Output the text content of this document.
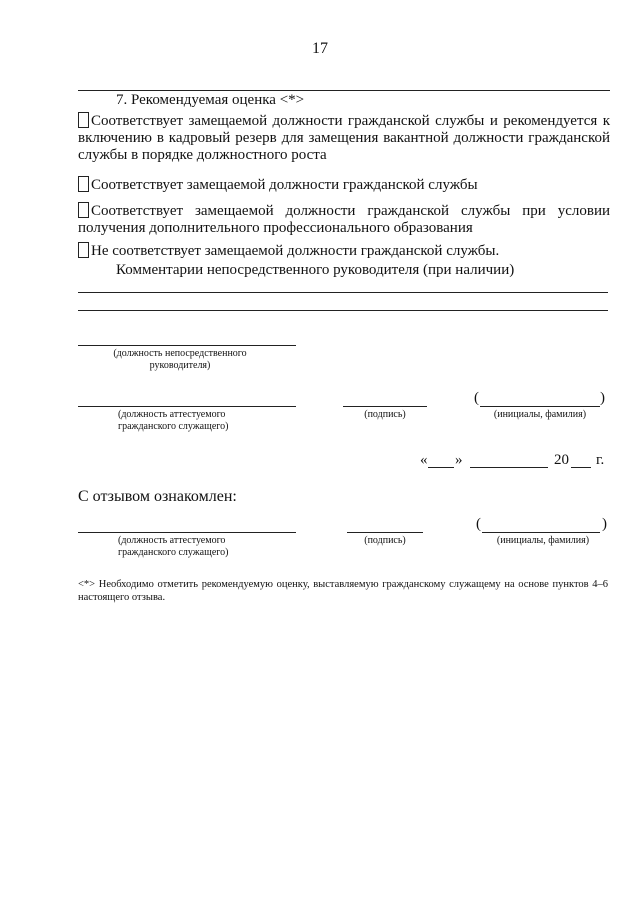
17
7. Рекомендуемая оценка <*>
Соответствует замещаемой должности гражданской службы и рекомендуется к включению в кадровый резерв для замещения вакантной должности гражданской службы в порядке должностного роста
Соответствует замещаемой должности гражданской службы
Соответствует замещаемой должности гражданской службы при условии получения дополнительного профессионального образования
Не соответствует замещаемой должности гражданской службы.
Комментарии непосредственного руководителя (при наличии)
(должность непосредственного руководителя)
(должность аттестуемого гражданского служащего)
(подпись)
(	)
(инициалы, фамилия)
« »	20 г.
С отзывом ознакомлен:
(должность аттестуемого гражданского служащего)
(подпись)
(	)
(инициалы, фамилия)
<*> Необходимо отметить рекомендуемую оценку, выставляемую гражданскому служащему на основе пунктов 4–6 настоящего отзыва.
